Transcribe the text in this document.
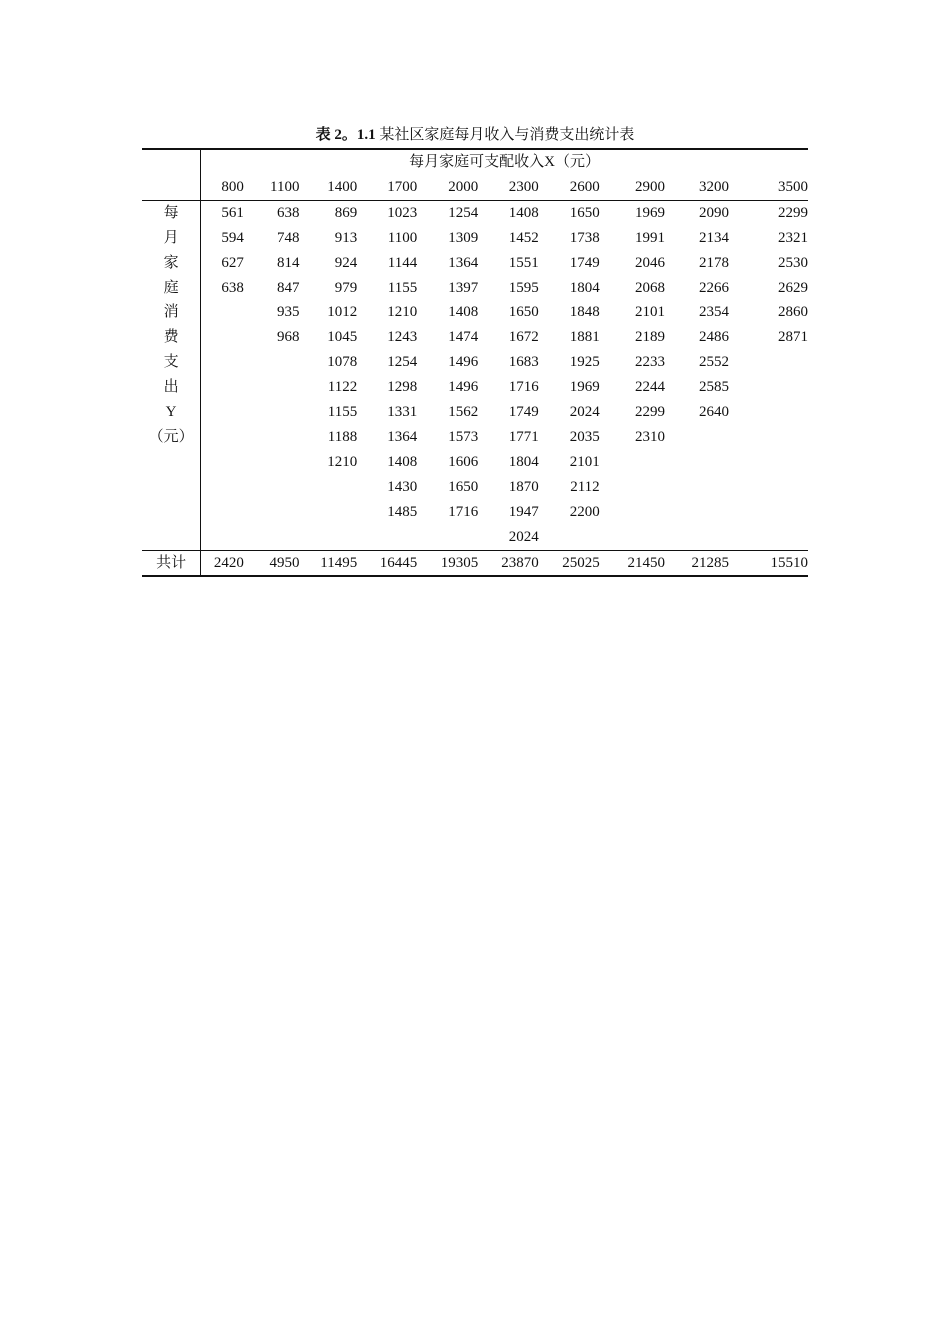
表 2。1.1 某社区家庭每月收入与消费支出统计表
	每月家庭可支配收入X（元）									
	800	1100	1400	1700	2000	2300	2600	2900	3200	3500
每	561	638	869	1023	1254	1408	1650	1969	2090	2299
月	594	748	913	1100	1309	1452	1738	1991	2134	2321
家	627	814	924	1144	1364	1551	1749	2046	2178	2530
庭	638	847	979	1155	1397	1595	1804	2068	2266	2629
消		935	1012	1210	1408	1650	1848	2101	2354	2860
费		968	1045	1243	1474	1672	1881	2189	2486	2871
支			1078	1254	1496	1683	1925	2233	2552	
出			1122	1298	1496	1716	1969	2244	2585	
Y			1155	1331	1562	1749	2024	2299	2640	
（元）			1188	1364	1573	1771	2035	2310		
			1210	1408	1606	1804	2101			
				1430	1650	1870	2112			
				1485	1716	1947	2200			
						2024				
共计	2420	4950	11495	16445	19305	23870	25025	21450	21285	15510
